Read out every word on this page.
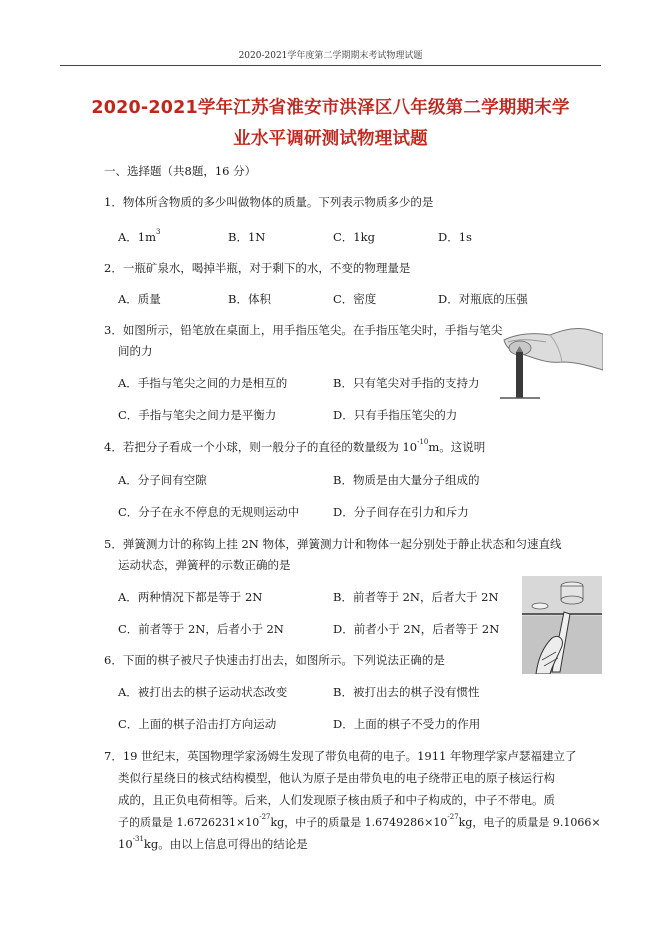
2020-2021学年度第二学期期末考试物理试题
2020-2021学年江苏省淮安市洪泽区八年级第二学期期末学
业水平调研测试物理试题
一、选择题（共8题，16 分）
1．物体所含物质的多少叫做物体的质量。下列表示物质多少的是
A．$1m^3$	B．1N	C．1kg	D．1s
2．一瓶矿泉水，喝掉半瓶，对于剩下的水，不变的物理量是
A．质量	B．体积	C．密度	D．对瓶底的压强
3．如图所示，铅笔放在桌面上，用手指压笔尖。在手指压笔尖时，手指与笔尖
间的力
A．手指与笔尖之间的力是相互的	B．只有笔尖对手指的支持力
C．手指与笔尖之间力是平衡力	D．只有手指压笔尖的力
4．若把分子看成一个小球，则一般分子的直径的数量级为 $10^{-10}m$。这说明
A．分子间有空隙	B．物质是由大量分子组成的
C．分子在永不停息的无规则运动中	D．分子间存在引力和斥力
5．弹簧测力计的称钩上挂 2N 物体，弹簧测力计和物体一起分别处于静止状态和匀速直线
运动状态，弹簧秤的示数正确的是
A．两种情况下都是等于 2N	B．前者等于 2N，后者大于 2N
C．前者等于 2N，后者小于 2N	D．前者小于 2N，后者等于 2N
6．下面的棋子被尺子快速击打出去，如图所示。下列说法正确的是
A．被打出去的棋子运动状态改变	B．被打出去的棋子没有惯性
C．上面的棋子沿击打方向运动	D．上面的棋子不受力的作用
7．19 世纪末，英国物理学家汤姆生发现了带负电荷的电子。1911 年物理学家卢瑟福建立了
类似行星绕日的核式结构模型，他认为原子是由带负电的电子绕带正电的原子核运行构
成的，且正负电荷相等。后来，人们发现原子核由质子和中子构成的，中子不带电。质
子的质量是 $1.6726231\times 10^{-27}kg$，中子的质量是 $1.6749286\times 10^{-27}kg$，电子的质量是 9.1066×
$10^{-31}kg$。由以上信息可得出的结论是
